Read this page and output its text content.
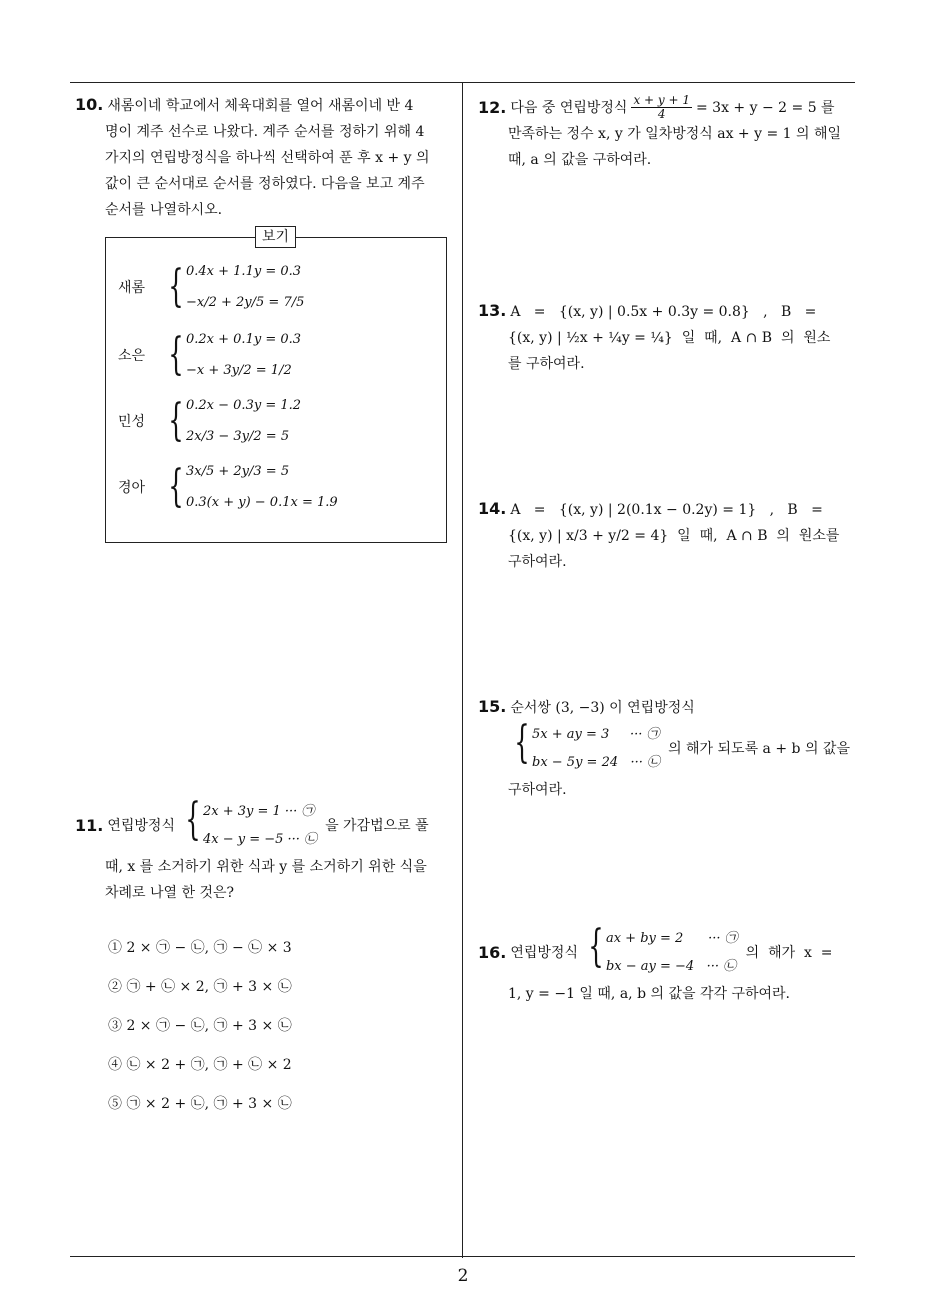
2
10. 새롬이네 학교에서 체육대회를 열어 새롬이네 반 4
명이 계주 선수로 나왔다. 계주 순서를 정하기 위해 4
가지의 연립방정식을 하나씩 선택하여 푼 후 x + y 의
값이 큰 순서대로 순서를 정하였다. 다음을 보고 계주
순서를 나열하시오.
보기
새롬 { 0.4x + 1.1y = 0.3
−x/2 + 2y/5 = 7/5
소은 { 0.2x + 0.1y = 0.3
−x + 3y/2 = 1/2
민성 { 0.2x − 0.3y = 1.2
2x/3 − 3y/2 = 5
경아 { 3x/5 + 2y/3 = 5
0.3(x + y) − 0.1x = 1.9
11. 연립방정식 { 2x + 3y = 1 ··· ㉠
4x − y = −5 ··· ㉡
을 가감법으로 풀
때, x 를 소거하기 위한 식과 y 를 소거하기 위한 식을
차례로 나열 한 것은?
① 2 × ㉠ − ㉡, ㉠ − ㉡ × 3
② ㉠ + ㉡ × 2, ㉠ + 3 × ㉡
③ 2 × ㉠ − ㉡, ㉠ + 3 × ㉡
④ ㉡ × 2 + ㉠, ㉠ + ㉡ × 2
⑤ ㉠ × 2 + ㉡, ㉠ + 3 × ㉡
12. 다음 중 연립방정식 $\frac{x + y + 1}{4} = 3x + y - 2 = 5$ 를
만족하는 정수 x, y 가 일차방정식 ax + y = 1 의 해일
때, a 의 값을 구하여라.
13. A   =   {(x, y) | 0.5x + 0.3y = 0.8}   ,   B   =
{(x, y) | ½x + ¼y = ¼}  일  때,  A ∩ B  의  원소
를 구하여라.
14. A   =   {(x, y) | 2(0.1x − 0.2y) = 1}   ,   B   =
{(x, y) | x/3 + y/2 = 4}  일  때,  A ∩ B  의  원소를
구하여라.
15. 순서쌍 (3, −3) 이 연립방정식
{ 5x + ay = 3     ··· ㉠
bx − 5y = 24   ··· ㉡
의 해가 되도록 a + b 의 값을
구하여라.
16. 연립방정식 { ax + by = 2      ··· ㉠
bx − ay = −4   ··· ㉡
의  해가  x  =
1, y = −1 일 때, a, b 의 값을 각각 구하여라.
